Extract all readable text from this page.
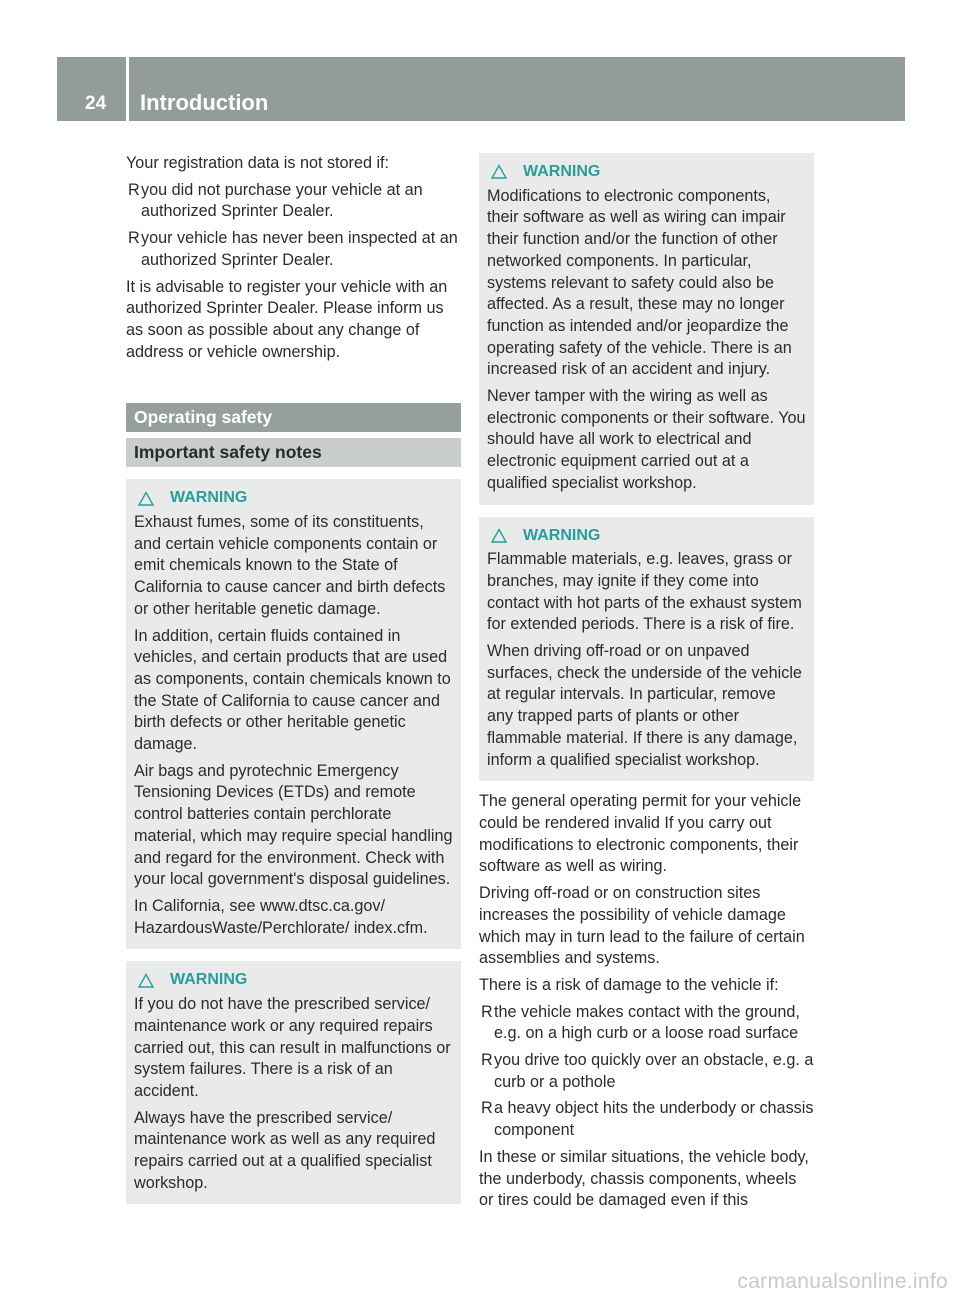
24 Introduction

Your registration data is not stored if:

R you did not purchase your vehicle at an authorized Sprinter Dealer.
R your vehicle has never been inspected at an authorized Sprinter Dealer.

It is advisable to register your vehicle with an authorized Sprinter Dealer. Please inform us as soon as possible about any change of address or vehicle ownership.

Operating safety
Important safety notes
WARNING

Exhaust fumes, some of its constituents, and certain vehicle components contain or emit chemicals known to the State of California to cause cancer and birth defects or other heritable genetic damage.

In addition, certain fluids contained in vehicles, and certain products that are used as components, contain chemicals known to the State of California to cause cancer and birth defects or other heritable genetic damage.

Air bags and pyrotechnic Emergency Tensioning Devices (ETDs) and remote control batteries contain perchlorate material, which may require special handling and regard for the environment. Check with your local government's disposal guidelines.

In California, see www.dtsc.ca.gov/ HazardousWaste/Perchlorate/ index.cfm.

WARNING

If you do not have the prescribed service/ maintenance work or any required repairs carried out, this can result in malfunctions or system failures. There is a risk of an accident.

Always have the prescribed service/ maintenance work as well as any required repairs carried out at a qualified specialist workshop.

WARNING

Modifications to electronic components, their software as well as wiring can impair their function and/or the function of other networked components. In particular, systems relevant to safety could also be affected. As a result, these may no longer function as intended and/or jeopardize the operating safety of the vehicle. There is an increased risk of an accident and injury.

Never tamper with the wiring as well as electronic components or their software. You should have all work to electrical and electronic equipment carried out at a qualified specialist workshop.

WARNING

Flammable materials, e.g. leaves, grass or branches, may ignite if they come into contact with hot parts of the exhaust system for extended periods. There is a risk of fire.

When driving off-road or on unpaved surfaces, check the underside of the vehicle at regular intervals. In particular, remove any trapped parts of plants or other flammable material. If there is any damage, inform a qualified specialist workshop.

The general operating permit for your vehicle could be rendered invalid If you carry out modifications to electronic components, their software as well as wiring.

Driving off-road or on construction sites increases the possibility of vehicle damage which may in turn lead to the failure of certain assemblies and systems.

There is a risk of damage to the vehicle if:

R the vehicle makes contact with the ground, e.g. on a high curb or a loose road surface
R you drive too quickly over an obstacle, e.g. a curb or a pothole
R a heavy object hits the underbody or chassis component

In these or similar situations, the vehicle body, the underbody, chassis components, wheels or tires could be damaged even if this

carmanualsonline.info
